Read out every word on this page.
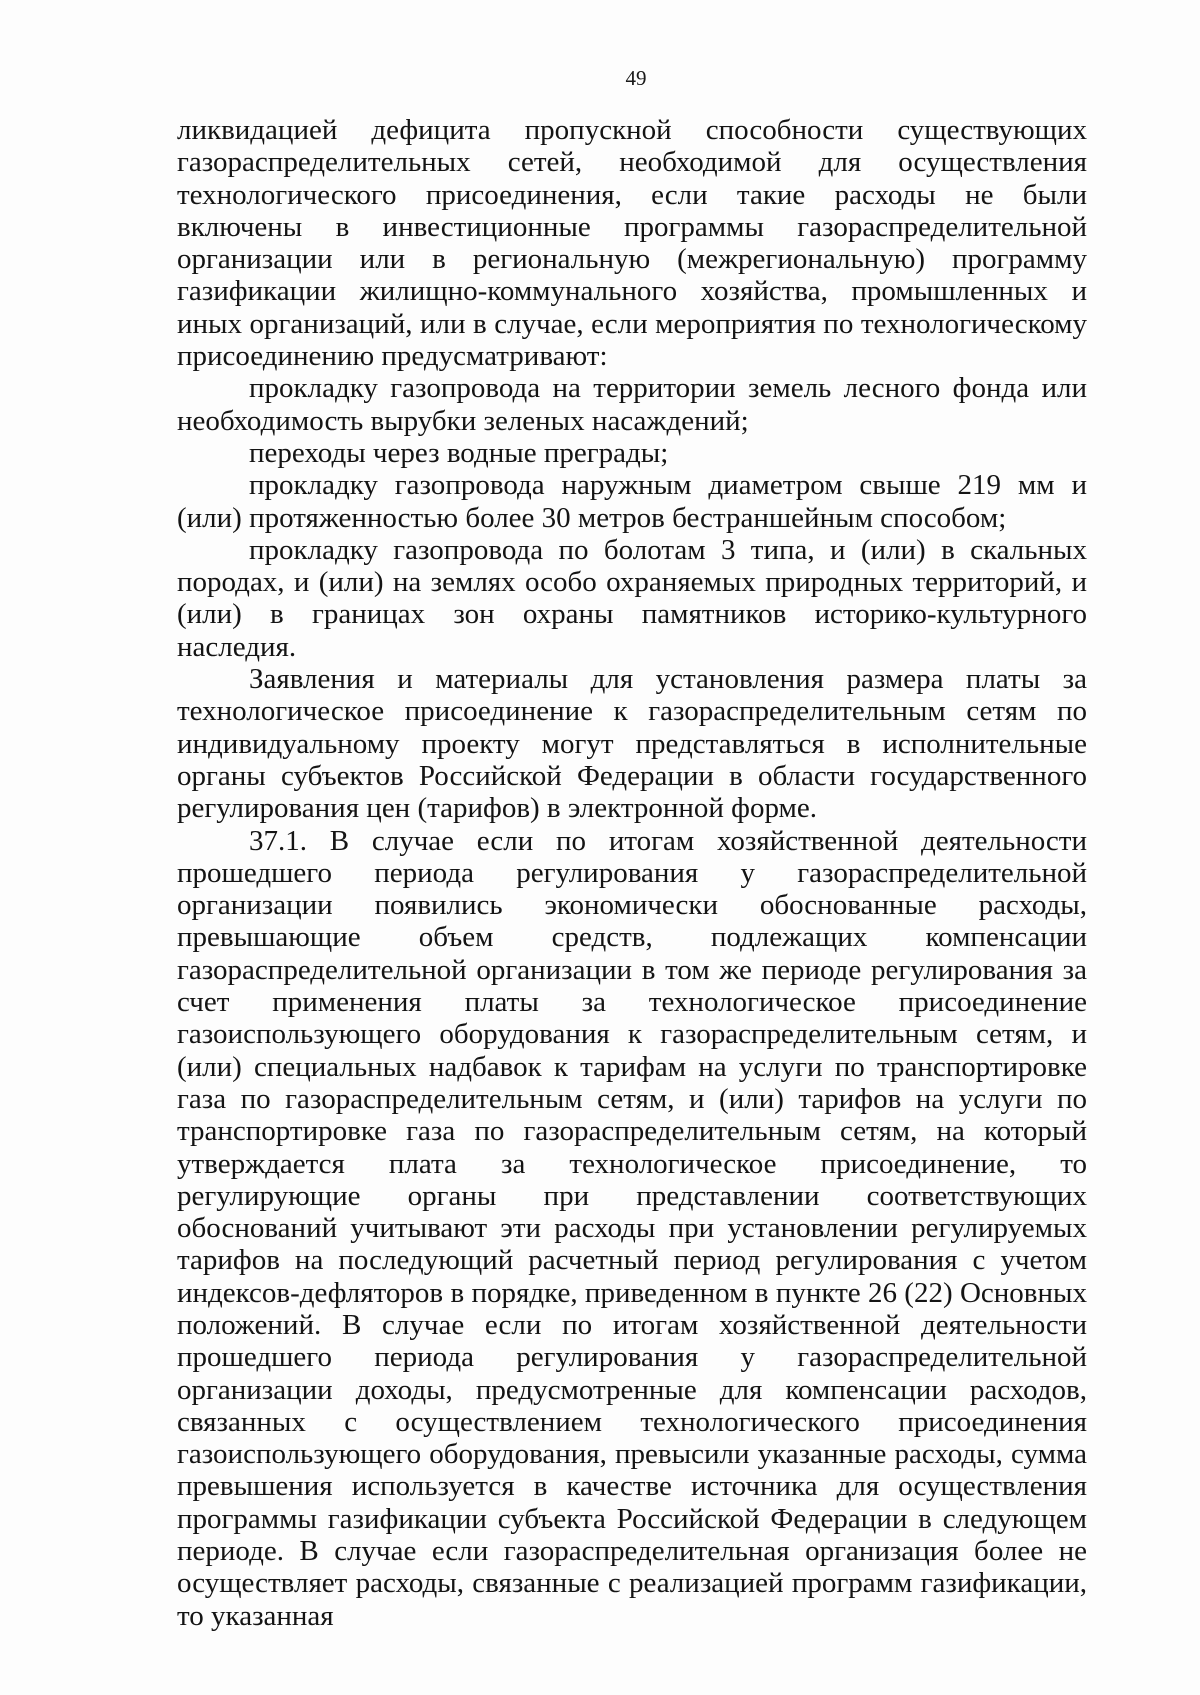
49

ликвидацией дефицита пропускной способности существующих газораспределительных сетей, необходимой для осуществления технологического присоединения, если такие расходы не были включены в инвестиционные программы газораспределительной организации или в региональную (межрегиональную) программу газификации жилищно-коммунального хозяйства, промышленных и иных организаций, или в случае, если мероприятия по технологическому присоединению предусматривают:

прокладку газопровода на территории земель лесного фонда или необходимость вырубки зеленых насаждений;

переходы через водные преграды;

прокладку газопровода наружным диаметром свыше 219 мм и (или) протяженностью более 30 метров бестраншейным способом;

прокладку газопровода по болотам 3 типа, и (или) в скальных породах, и (или) на землях особо охраняемых природных территорий, и (или) в границах зон охраны памятников историко-культурного наследия.

Заявления и материалы для установления размера платы за технологическое присоединение к газораспределительным сетям по индивидуальному проекту могут представляться в исполнительные органы субъектов Российской Федерации в области государственного регулирования цен (тарифов) в электронной форме.

37.1. В случае если по итогам хозяйственной деятельности прошедшего периода регулирования у газораспределительной организации появились экономически обоснованные расходы, превышающие объем средств, подлежащих компенсации газораспределительной организации в том же периоде регулирования за счет применения платы за технологическое присоединение газоиспользующего оборудования к газораспределительным сетям, и (или) специальных надбавок к тарифам на услуги по транспортировке газа по газораспределительным сетям, и (или) тарифов на услуги по транспортировке газа по газораспределительным сетям, на который утверждается плата за технологическое присоединение, то регулирующие органы при представлении соответствующих обоснований учитывают эти расходы при установлении регулируемых тарифов на последующий расчетный период регулирования с учетом индексов-дефляторов в порядке, приведенном в пункте 26 (22) Основных положений. В случае если по итогам хозяйственной деятельности прошедшего периода регулирования у газораспределительной организации доходы, предусмотренные для компенсации расходов, связанных с осуществлением технологического присоединения газоиспользующего оборудования, превысили указанные расходы, сумма превышения используется в качестве источника для осуществления программы газификации субъекта Российской Федерации в следующем периоде. В случае если газораспределительная организация более не осуществляет расходы, связанные с реализацией программ газификации, то указанная
